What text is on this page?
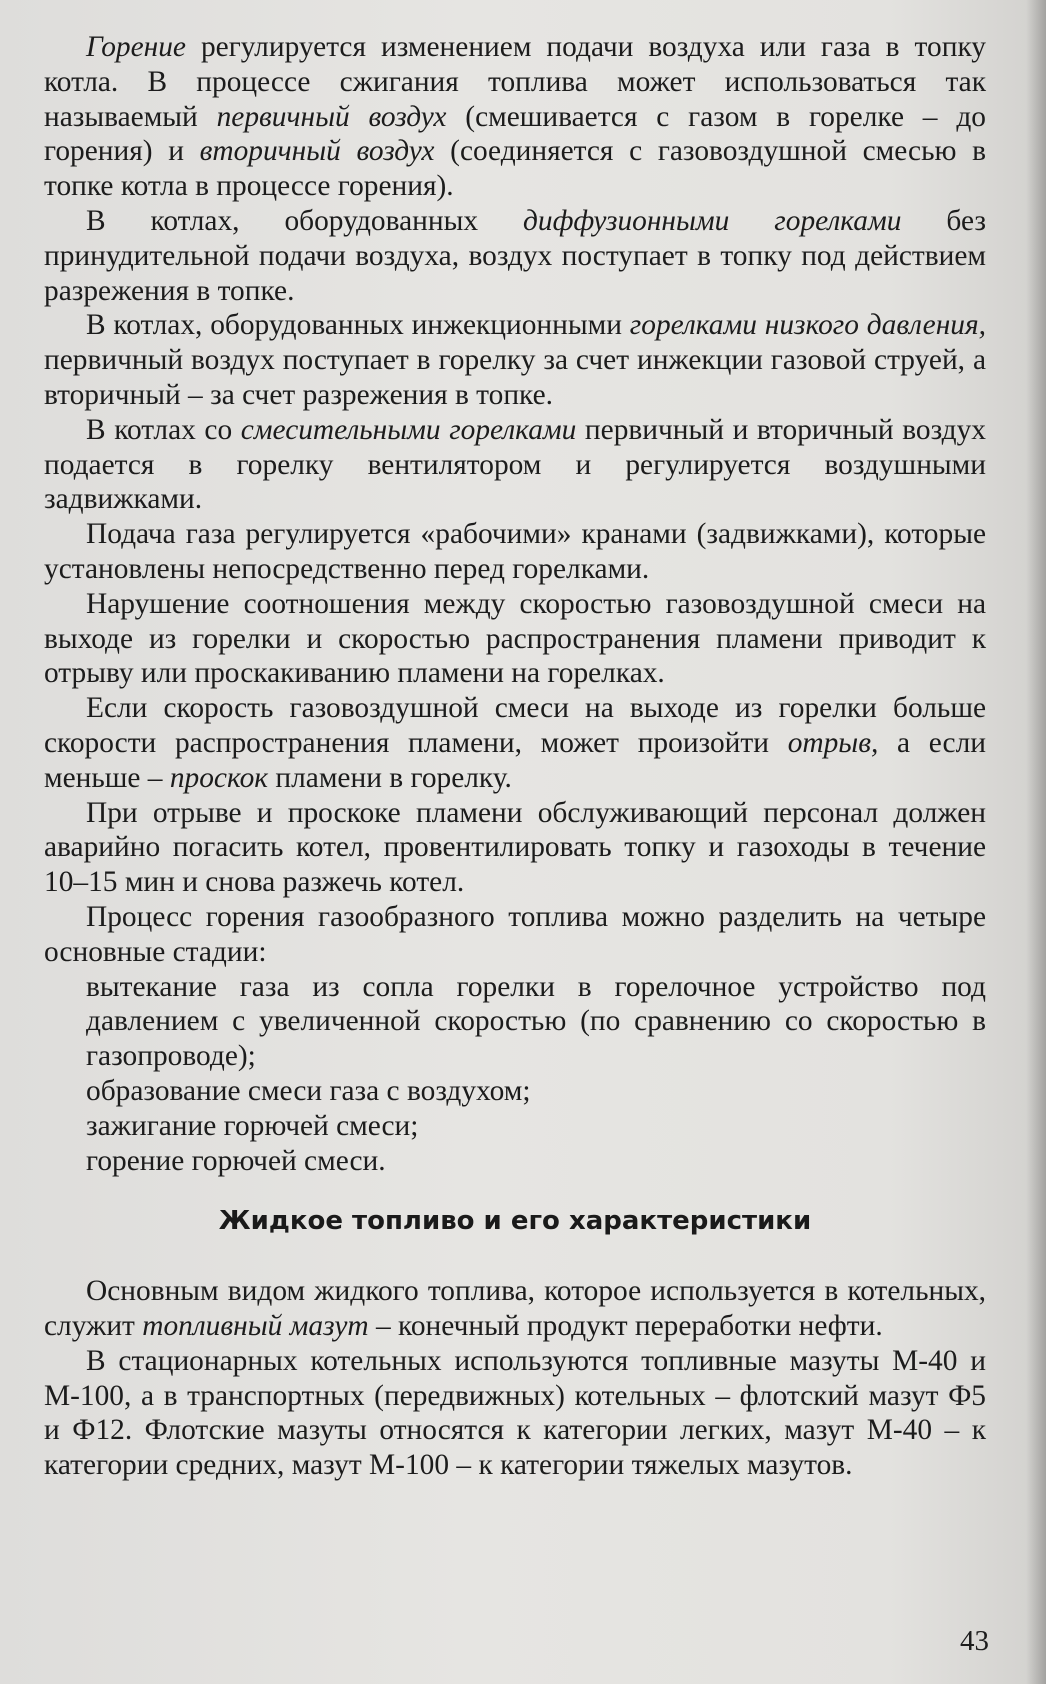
Горение регулируется изменением подачи воздуха или газа в топку котла. В процессе сжигания топлива может использоваться так называемый первичный воздух (смешивается с газом в горелке – до горения) и вторичный воздух (соединяется с газовоздушной смесью в топке котла в процессе горения).

В котлах, оборудованных диффузионными горелками без принудительной подачи воздуха, воздух поступает в топку под действием разрежения в топке.

В котлах, оборудованных инжекционными горелками низкого давления, первичный воздух поступает в горелку за счет инжекции газовой струей, а вторичный – за счет разрежения в топке.

В котлах со смесительными горелками первичный и вторичный воздух подается в горелку вентилятором и регулируется воздушными задвижками.

Подача газа регулируется «рабочими» кранами (задвижками), которые установлены непосредственно перед горелками.

Нарушение соотношения между скоростью газовоздушной смеси на выходе из горелки и скоростью распространения пламени приводит к отрыву или проскакиванию пламени на горелках.

Если скорость газовоздушной смеси на выходе из горелки больше скорости распространения пламени, может произойти отрыв, а если меньше – проскок пламени в горелку.

При отрыве и проскоке пламени обслуживающий персонал должен аварийно погасить котел, провентилировать топку и газоходы в течение 10–15 мин и снова разжечь котел.

Процесс горения газообразного топлива можно разделить на четыре основные стадии:

вытекание газа из сопла горелки в горелочное устройство под давлением с увеличенной скоростью (по сравнению со скоростью в газопроводе);

образование смеси газа с воздухом;

зажигание горючей смеси;

горение горючей смеси.

Жидкое топливо и его характеристики

Основным видом жидкого топлива, которое используется в котельных, служит топливный мазут – конечный продукт переработки нефти.

В стационарных котельных используются топливные мазуты М-40 и М-100, а в транспортных (передвижных) котельных – флотский мазут Ф5 и Ф12. Флотские мазуты относятся к категории легких, мазут М-40 – к категории средних, мазут М-100 – к категории тяжелых мазутов.

43
